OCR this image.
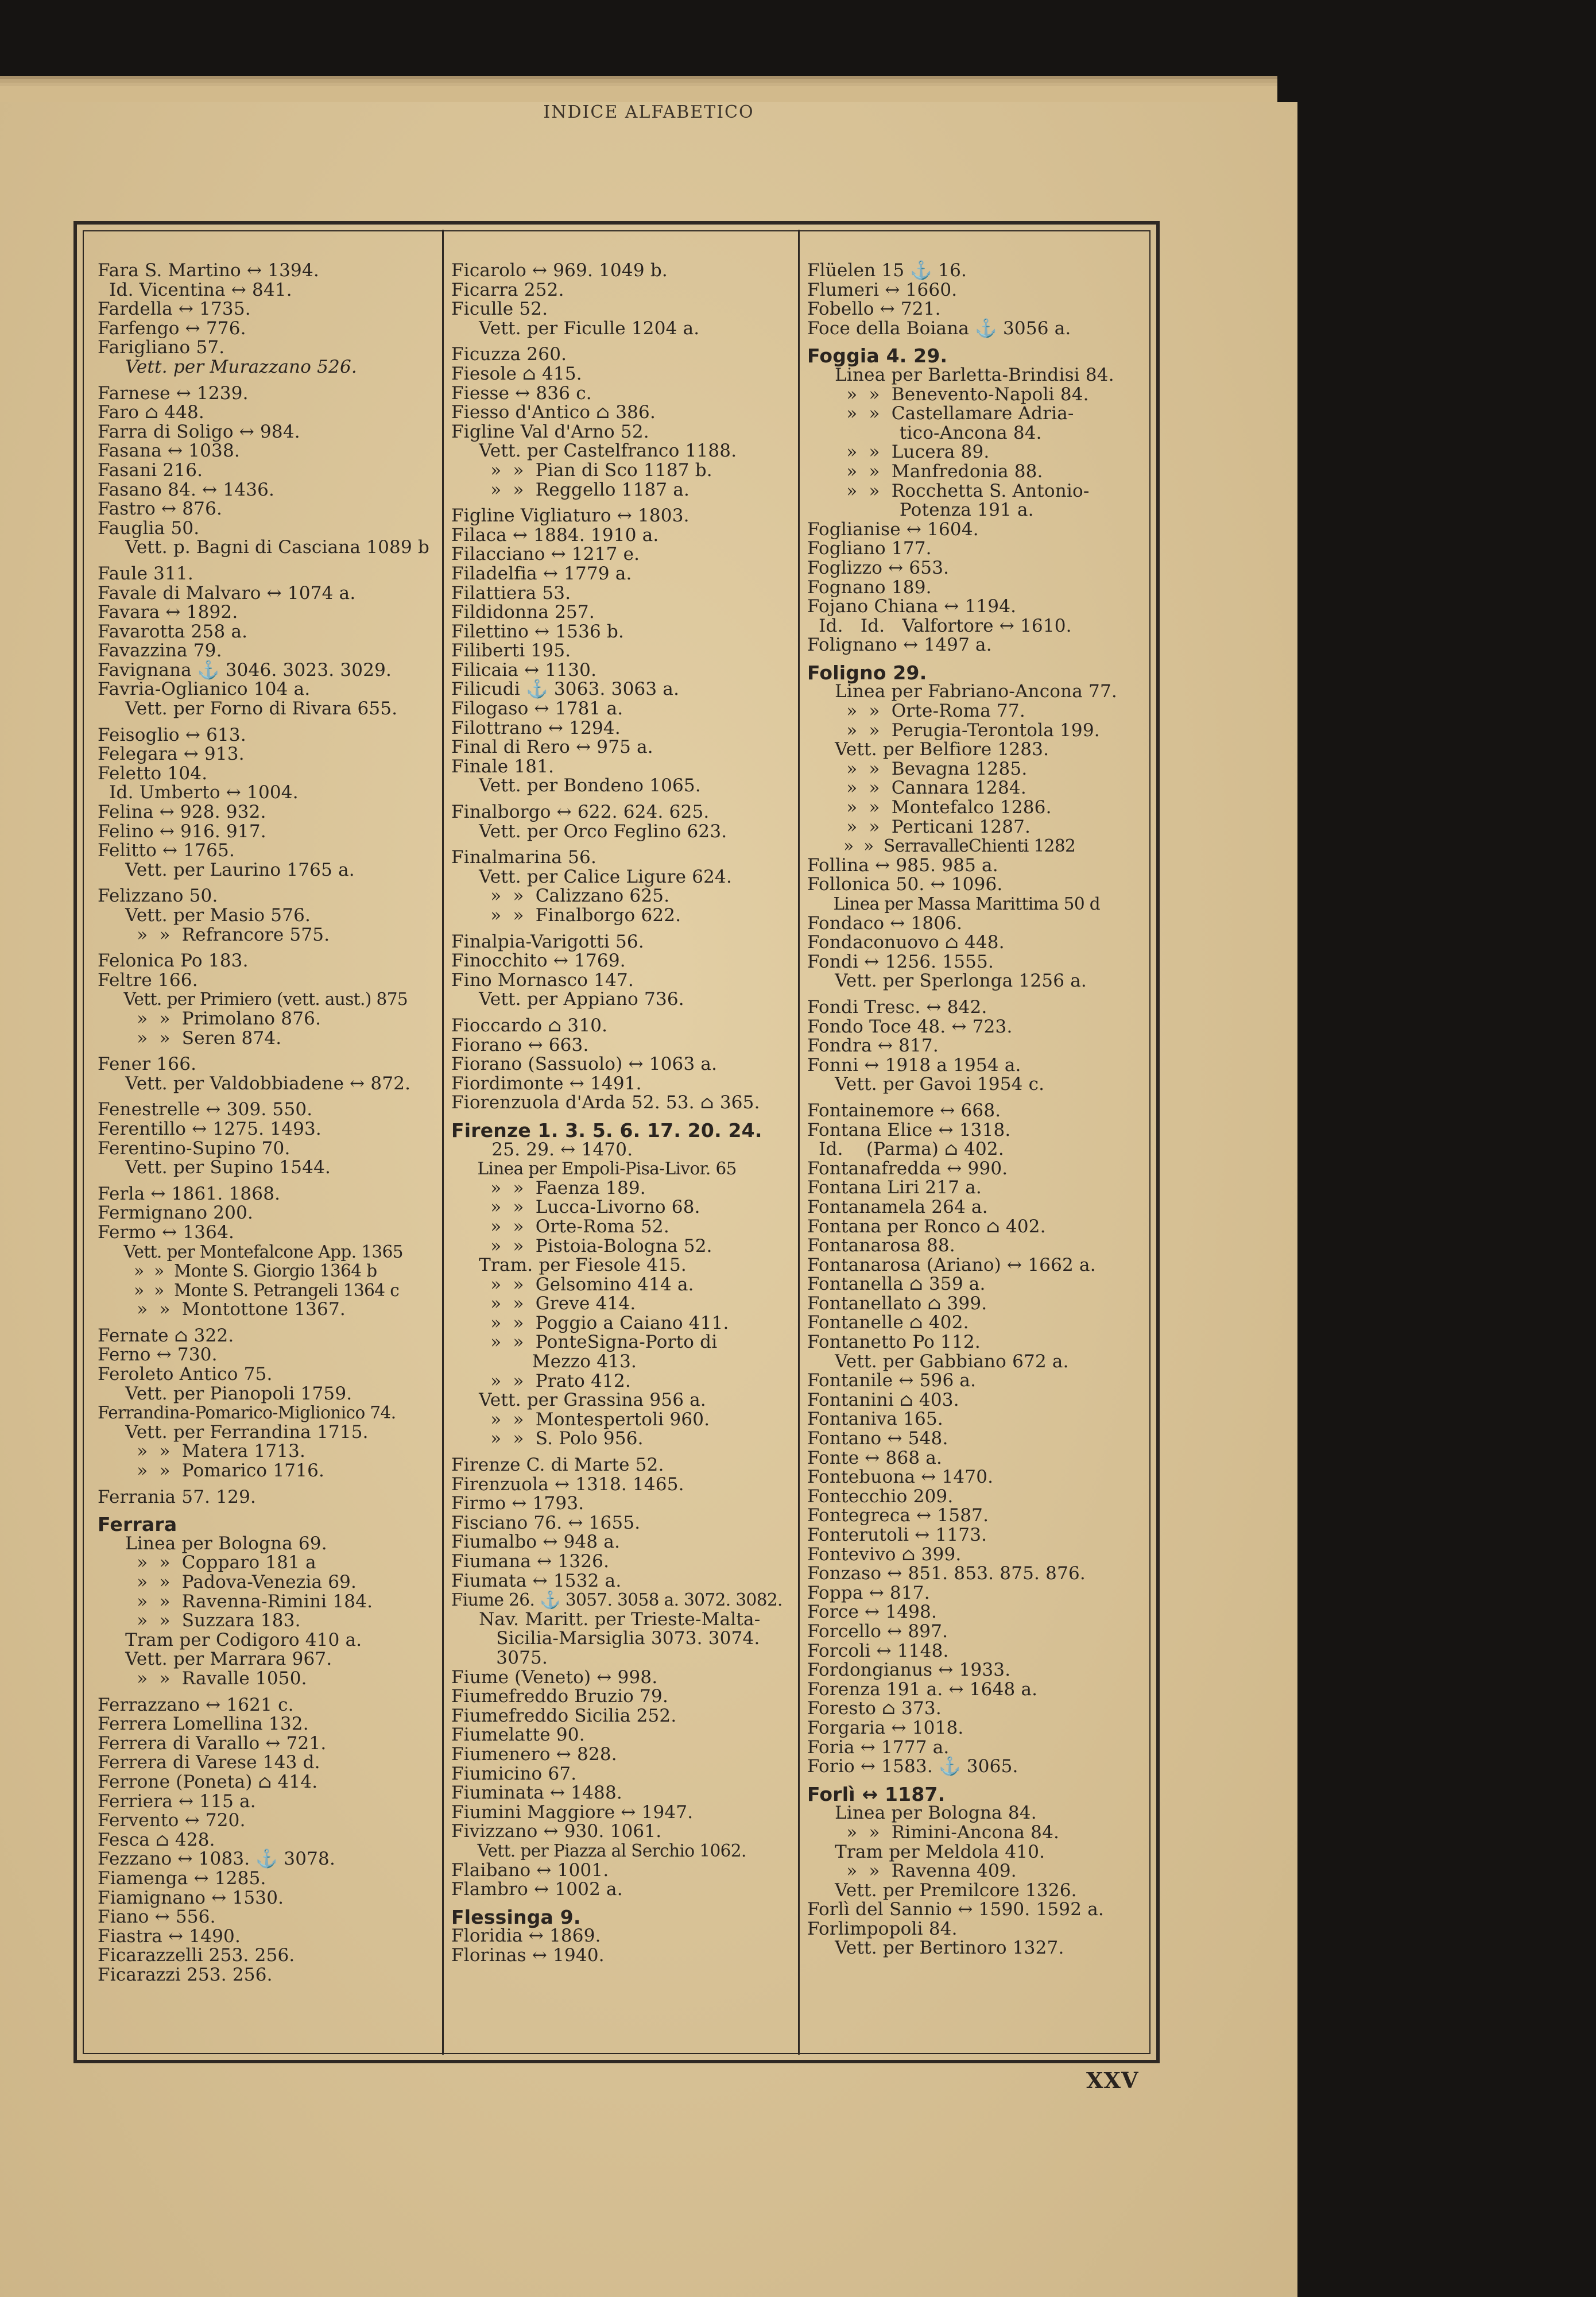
INDICE ALFABETICO
Fara S. Martino ↔ 1394.
Id. Vicentina ↔ 841.
Fardella ↔ 1735.
Farfengo ↔ 776.
Farigliano 57.
Vett. per Murazzano 526.
Farnese ↔ 1239.
Faro ⌂ 448.
Farra di Soligo ↔ 984.
Fasana ↔ 1038.
Fasani 216.
Fasano 84. ↔ 1436.
Fastro ↔ 876.
Fauglia 50.
Vett. p. Bagni di Casciana 1089 b
Faule 311.
Favale di Malvaro ↔ 1074 a.
Favara ↔ 1892.
Favarotta 258 a.
Favazzina 79.
Favignana ⚓ 3046. 3023. 3029.
Favria-Oglianico 104 a.
Vett. per Forno di Rivara 655.
Feisoglio ↔ 613.
Felegara ↔ 913.
Feletto 104.
Id. Umberto ↔ 1004.
Felina ↔ 928. 932.
Felino ↔ 916. 917.
Felitto ↔ 1765.
Vett. per Laurino 1765 a.
Felizzano 50.
Vett. per Masio 576.
»  »  Refrancore 575.
Felonica Po 183.
Feltre 166.
Vett. per Primiero (vett. aust.) 875
»  »  Primolano 876.
»  »  Seren 874.
Fener 166.
Vett. per Valdobbiadene ↔ 872.
Fenestrelle ↔ 309. 550.
Ferentillo ↔ 1275. 1493.
Ferentino-Supino 70.
Vett. per Supino 1544.
Ferla ↔ 1861. 1868.
Fermignano 200.
Fermo ↔ 1364.
Vett. per Montefalcone App. 1365
»  »  Monte S. Giorgio 1364 b
»  »  Monte S. Petrangeli 1364 c
»  »  Montottone 1367.
Fernate ⌂ 322.
Ferno ↔ 730.
Feroleto Antico 75.
Vett. per Pianopoli 1759.
Ferrandina-Pomarico-Miglionico 74.
Vett. per Ferrandina 1715.
»  »  Matera 1713.
»  »  Pomarico 1716.
Ferrania 57. 129.
Ferrara
Linea per Bologna 69.
»  »  Copparo 181 a
»  »  Padova-Venezia 69.
»  »  Ravenna-Rimini 184.
»  »  Suzzara 183.
Tram per Codigoro 410 a.
Vett. per Marrara 967.
»  »  Ravalle 1050.
Ferrazzano ↔ 1621 c.
Ferrera Lomellina 132.
Ferrera di Varallo ↔ 721.
Ferrera di Varese 143 d.
Ferrone (Poneta) ⌂ 414.
Ferriera ↔ 115 a.
Fervento ↔ 720.
Fesca ⌂ 428.
Fezzano ↔ 1083. ⚓ 3078.
Fiamenga ↔ 1285.
Fiamignano ↔ 1530.
Fiano ↔ 556.
Fiastra ↔ 1490.
Ficarazzelli 253. 256.
Ficarazzi 253. 256.
Ficarolo ↔ 969. 1049 b.
Ficarra 252.
Ficulle 52.
Vett. per Ficulle 1204 a.
Ficuzza 260.
Fiesole ⌂ 415.
Fiesse ↔ 836 c.
Fiesso d'Antico ⌂ 386.
Figline Val d'Arno 52.
Vett. per Castelfranco 1188.
»  »  Pian di Sco 1187 b.
»  »  Reggello 1187 a.
Figline Vigliaturo ↔ 1803.
Filaca ↔ 1884. 1910 a.
Filacciano ↔ 1217 e.
Filadelfia ↔ 1779 a.
Filattiera 53.
Fildidonna 257.
Filettino ↔ 1536 b.
Filiberti 195.
Filicaia ↔ 1130.
Filicudi ⚓ 3063. 3063 a.
Filogaso ↔ 1781 a.
Filottrano ↔ 1294.
Final di Rero ↔ 975 a.
Finale 181.
Vett. per Bondeno 1065.
Finalborgo ↔ 622. 624. 625.
Vett. per Orco Feglino 623.
Finalmarina 56.
Vett. per Calice Ligure 624.
»  »  Calizzano 625.
»  »  Finalborgo 622.
Finalpia-Varigotti 56.
Finocchito ↔ 1769.
Fino Mornasco 147.
Vett. per Appiano 736.
Fioccardo ⌂ 310.
Fiorano ↔ 663.
Fiorano (Sassuolo) ↔ 1063 a.
Fiordimonte ↔ 1491.
Fiorenzuola d'Arda 52. 53. ⌂ 365.
Firenze 1. 3. 5. 6. 17. 20. 24.
25. 29. ↔ 1470.
Linea per Empoli-Pisa-Livor. 65
»  »  Faenza 189.
»  »  Lucca-Livorno 68.
»  »  Orte-Roma 52.
»  »  Pistoia-Bologna 52.
Tram. per Fiesole 415.
»  »  Gelsomino 414 a.
»  »  Greve 414.
»  »  Poggio a Caiano 411.
»  »  PonteSigna-Porto di
Mezzo 413.
»  »  Prato 412.
Vett. per Grassina 956 a.
»  »  Montespertoli 960.
»  »  S. Polo 956.
Firenze C. di Marte 52.
Firenzuola ↔ 1318. 1465.
Firmo ↔ 1793.
Fisciano 76. ↔ 1655.
Fiumalbo ↔ 948 a.
Fiumana ↔ 1326.
Fiumata ↔ 1532 a.
Fiume 26. ⚓ 3057. 3058 a. 3072. 3082.
Nav. Maritt. per Trieste-Malta-
Sicilia-Marsiglia 3073. 3074.
3075.
Fiume (Veneto) ↔ 998.
Fiumefreddo Bruzio 79.
Fiumefreddo Sicilia 252.
Fiumelatte 90.
Fiumenero ↔ 828.
Fiumicino 67.
Fiuminata ↔ 1488.
Fiumini Maggiore ↔ 1947.
Fivizzano ↔ 930. 1061.
Vett. per Piazza al Serchio 1062.
Flaibano ↔ 1001.
Flambro ↔ 1002 a.
Flessinga 9.
Floridia ↔ 1869.
Florinas ↔ 1940.
Flüelen 15 ⚓ 16.
Flumeri ↔ 1660.
Fobello ↔ 721.
Foce della Boiana ⚓ 3056 a.
Foggia 4. 29.
Linea per Barletta-Brindisi 84.
»  »  Benevento-Napoli 84.
»  »  Castellamare Adria-
tico-Ancona 84.
»  »  Lucera 89.
»  »  Manfredonia 88.
»  »  Rocchetta S. Antonio-
Potenza 191 a.
Foglianise ↔ 1604.
Fogliano 177.
Foglizzo ↔ 653.
Fognano 189.
Fojano Chiana ↔ 1194.
Id.   Id.   Valfortore ↔ 1610.
Folignano ↔ 1497 a.
Foligno 29.
Linea per Fabriano-Ancona 77.
»  »  Orte-Roma 77.
»  »  Perugia-Terontola 199.
Vett. per Belfiore 1283.
»  »  Bevagna 1285.
»  »  Cannara 1284.
»  »  Montefalco 1286.
»  »  Perticani 1287.
»  »  SerravalleChienti 1282
Follina ↔ 985. 985 a.
Follonica 50. ↔ 1096.
Linea per Massa Marittima 50 d
Fondaco ↔ 1806.
Fondaconuovo ⌂ 448.
Fondi ↔ 1256. 1555.
Vett. per Sperlonga 1256 a.
Fondi Tresc. ↔ 842.
Fondo Toce 48. ↔ 723.
Fondra ↔ 817.
Fonni ↔ 1918 a 1954 a.
Vett. per Gavoi 1954 c.
Fontainemore ↔ 668.
Fontana Elice ↔ 1318.
Id.    (Parma) ⌂ 402.
Fontanafredda ↔ 990.
Fontana Liri 217 a.
Fontanamela 264 a.
Fontana per Ronco ⌂ 402.
Fontanarosa 88.
Fontanarosa (Ariano) ↔ 1662 a.
Fontanella ⌂ 359 a.
Fontanellato ⌂ 399.
Fontanelle ⌂ 402.
Fontanetto Po 112.
Vett. per Gabbiano 672 a.
Fontanile ↔ 596 a.
Fontanini ⌂ 403.
Fontaniva 165.
Fontano ↔ 548.
Fonte ↔ 868 a.
Fontebuona ↔ 1470.
Fontecchio 209.
Fontegreca ↔ 1587.
Fonterutoli ↔ 1173.
Fontevivo ⌂ 399.
Fonzaso ↔ 851. 853. 875. 876.
Foppa ↔ 817.
Force ↔ 1498.
Forcello ↔ 897.
Forcoli ↔ 1148.
Fordongianus ↔ 1933.
Forenza 191 a. ↔ 1648 a.
Foresto ⌂ 373.
Forgaria ↔ 1018.
Foria ↔ 1777 a.
Forio ↔ 1583. ⚓ 3065.
Forlì ↔ 1187.
Linea per Bologna 84.
»  »  Rimini-Ancona 84.
Tram per Meldola 410.
»  »  Ravenna 409.
Vett. per Premilcore 1326.
Forlì del Sannio ↔ 1590. 1592 a.
Forlimpopoli 84.
Vett. per Bertinoro 1327.
XXV
